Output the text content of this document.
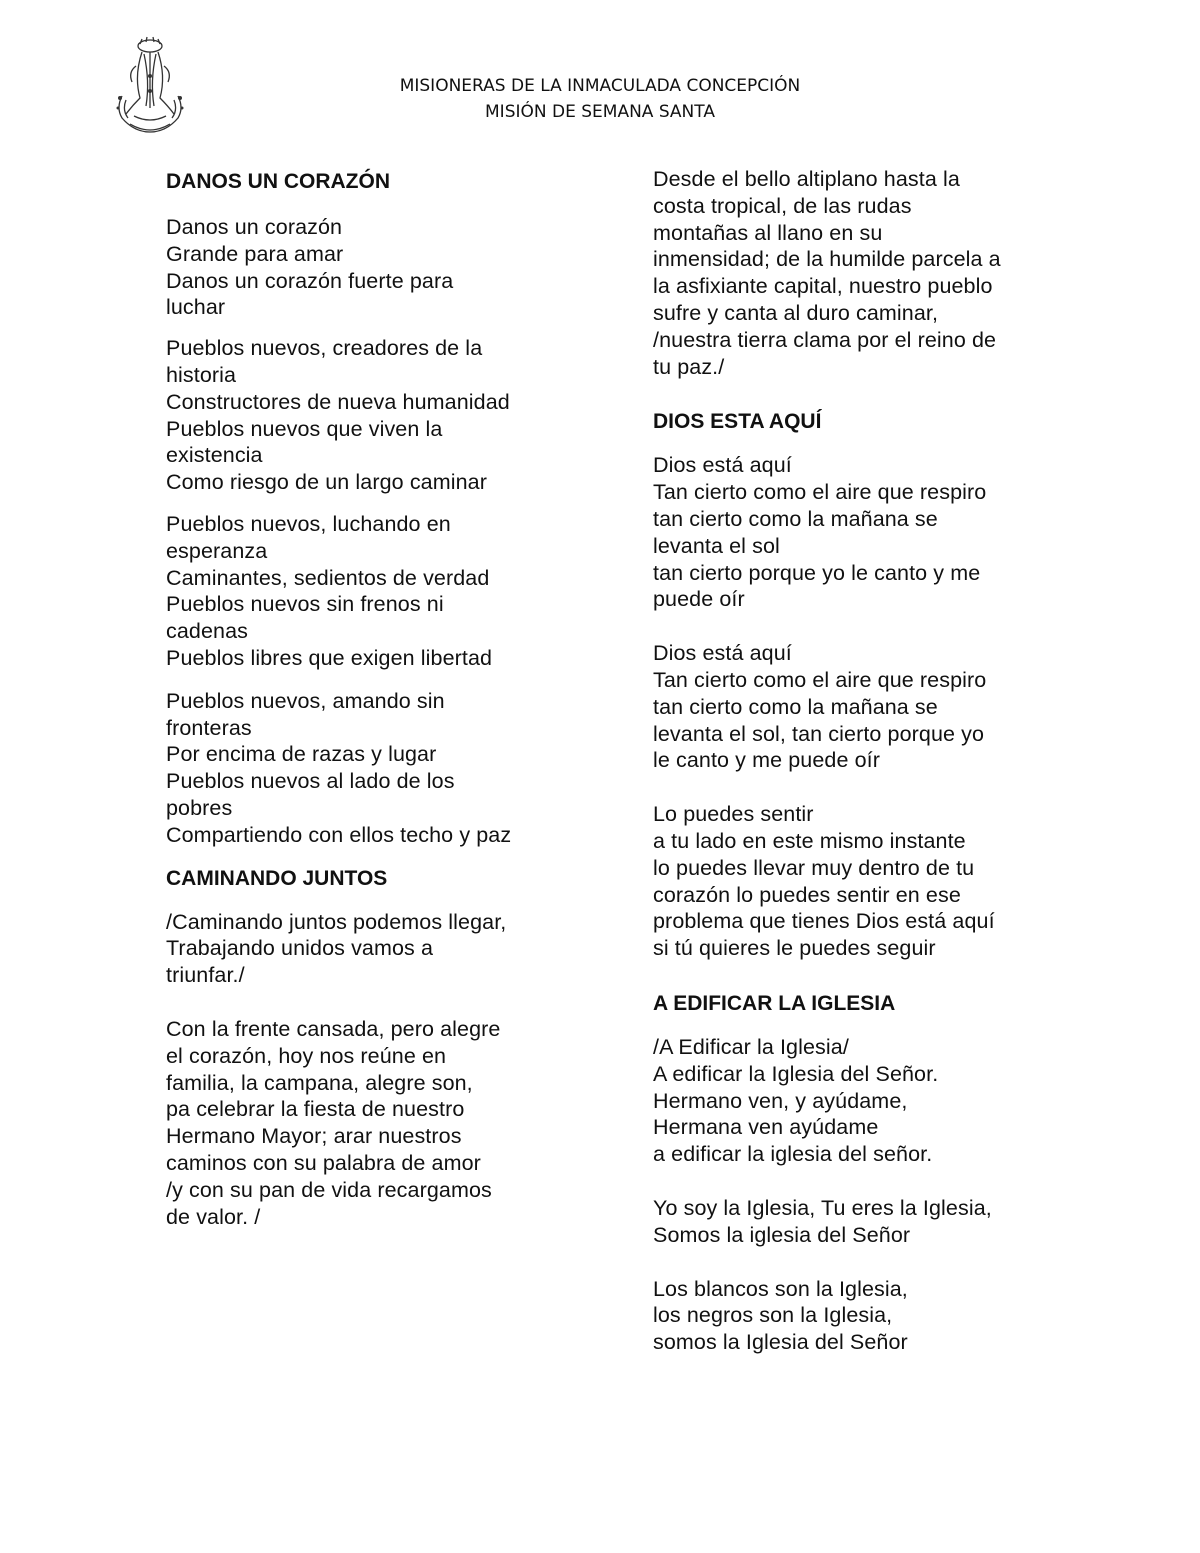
MISIONERAS DE LA INMACULADA CONCEPCIÓN
MISIÓN DE SEMANA SANTA
DANOS UN CORAZÓN

Danos un corazón
Grande para amar
Danos un corazón fuerte para
luchar

Pueblos nuevos, creadores de la
historia
Constructores de nueva humanidad
Pueblos nuevos que viven la
existencia
Como riesgo de un largo caminar

Pueblos nuevos, luchando en
esperanza
Caminantes, sedientos de verdad
Pueblos nuevos sin frenos ni
cadenas
Pueblos libres que exigen libertad

Pueblos nuevos, amando sin
fronteras
Por encima de razas y lugar
Pueblos nuevos al lado de los
pobres
Compartiendo con ellos techo y paz

CAMINANDO JUNTOS

/Caminando juntos podemos llegar,
Trabajando unidos vamos a
triunfar./

Con la frente cansada, pero alegre
el corazón, hoy nos reúne en
familia, la campana, alegre son,
pa celebrar la fiesta de nuestro
Hermano Mayor; arar nuestros
caminos con su palabra de amor
/y con su pan de vida recargamos
de valor. /

Desde el bello altiplano hasta la
costa tropical, de las rudas
montañas al llano en su
inmensidad; de la humilde parcela a
la asfixiante capital, nuestro pueblo
sufre y canta al duro caminar,
/nuestra tierra clama por el reino de
tu paz./

DIOS ESTA AQUÍ

Dios está aquí
Tan cierto como el aire que respiro
tan cierto como la mañana se
levanta el sol
tan cierto porque yo le canto y me
puede oír

Dios está aquí
Tan cierto como el aire que respiro
tan cierto como la mañana se
levanta el sol, tan cierto porque yo
le canto y me puede oír

Lo puedes sentir
a tu lado en este mismo instante
lo puedes llevar muy dentro de tu
corazón lo puedes sentir en ese
problema que tienes Dios está aquí
si tú quieres le puedes seguir

A EDIFICAR LA IGLESIA

/A Edificar la Iglesia/
A edificar la Iglesia del Señor.
Hermano ven, y ayúdame,
Hermana ven ayúdame
a edificar la iglesia del señor.

Yo soy la Iglesia, Tu eres la Iglesia,
Somos la iglesia del Señor

Los blancos son la Iglesia,
los negros son la Iglesia,
somos la Iglesia del Señor
